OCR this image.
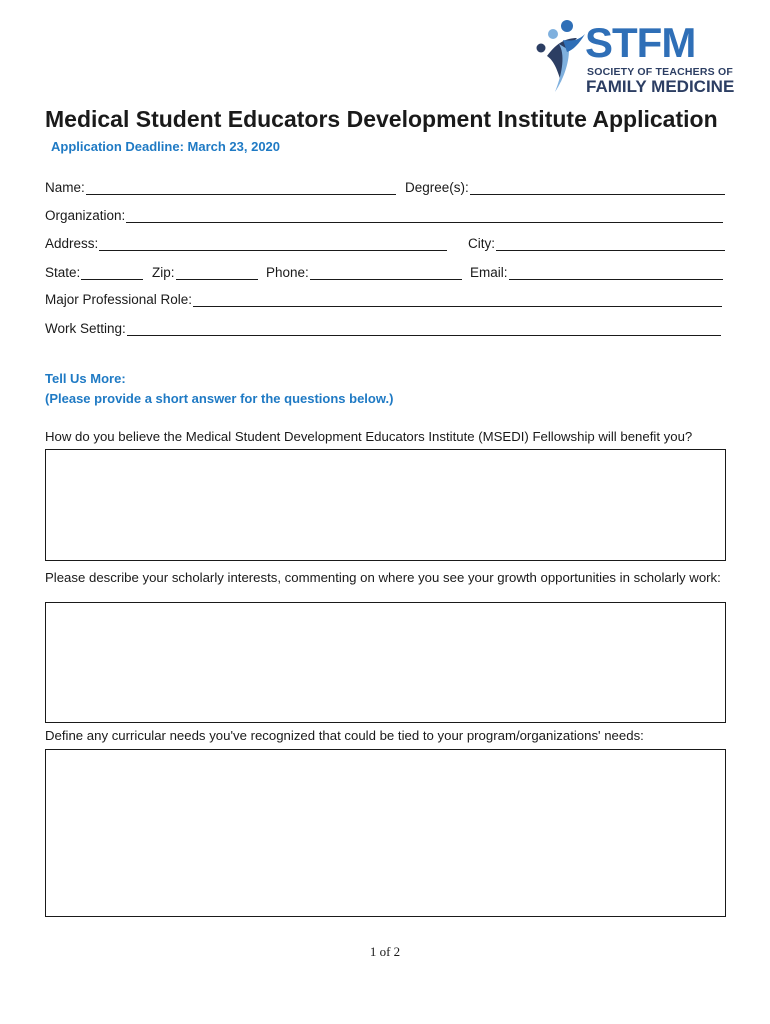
STFM
SOCIETY OF TEACHERS OF
FAMILY MEDICINE
Medical Student Educators Development Institute Application
Application Deadline: March 23, 2020
Name:	Degree(s):
Organization:
Address:	City:
State:	Zip:	Phone:	Email:
Major Professional Role:
Work Setting:
Tell Us More:
(Please provide a short answer for the questions below.)
How do you believe the Medical Student Development Educators Institute (MSEDI) Fellowship will benefit you?
Please describe your scholarly interests, commenting on where you see your growth opportunities in scholarly work:
Define any curricular needs you've recognized that could be tied to your program/organizations' needs:
1 of 2
